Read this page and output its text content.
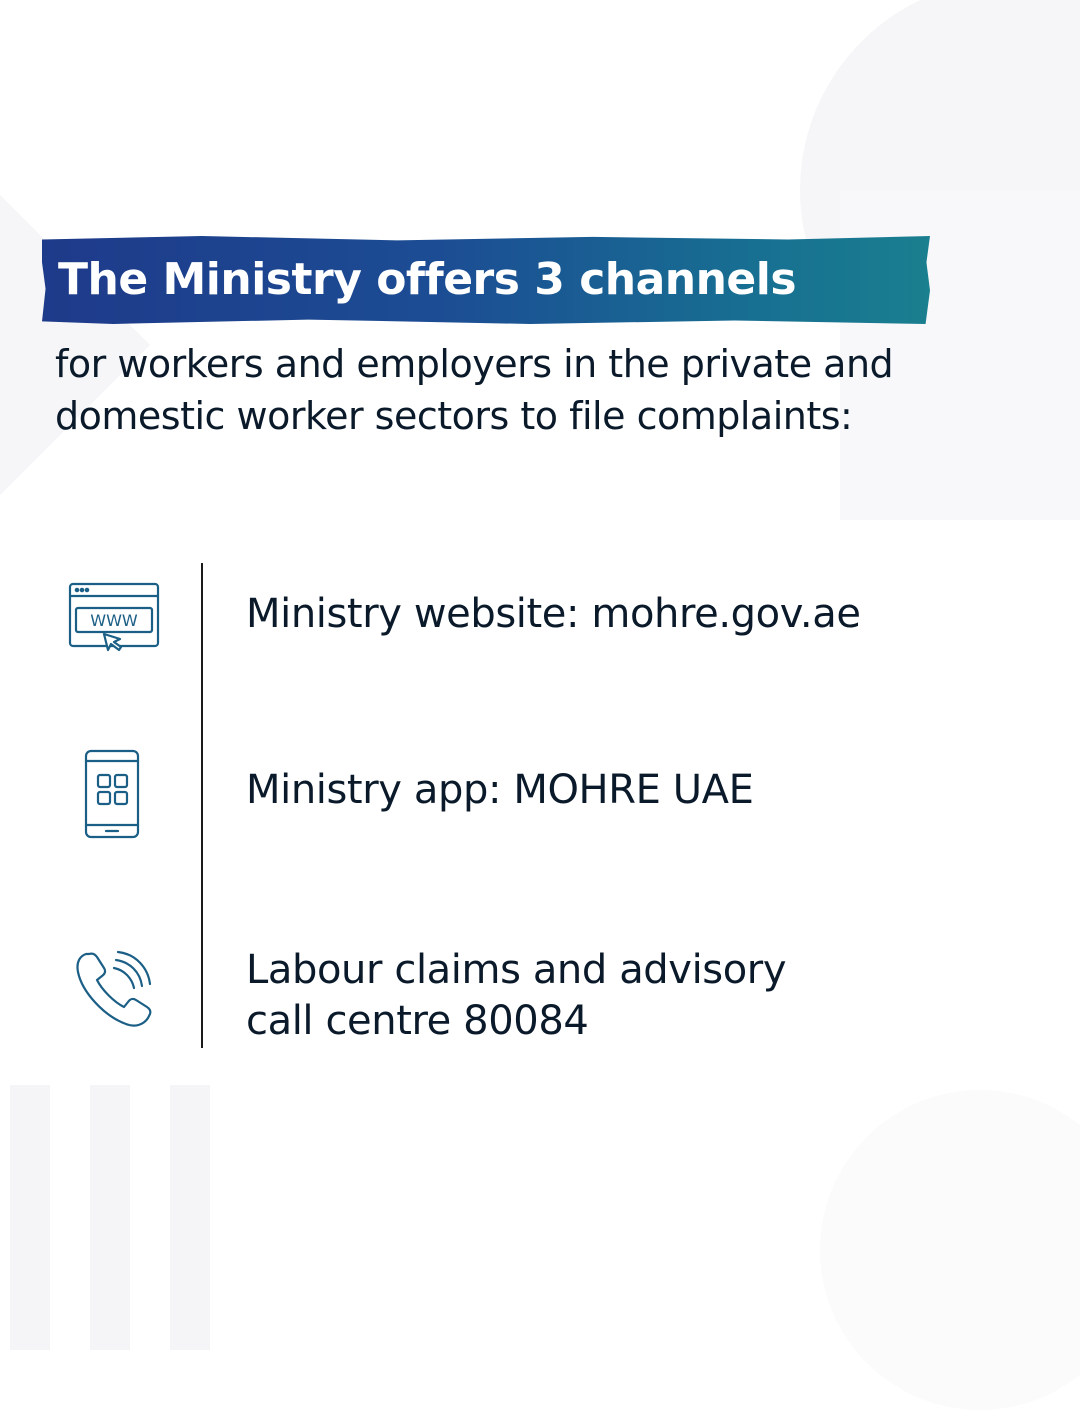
The Ministry offers 3 channels
for workers and employers in the private and domestic worker sectors to file complaints:
WWW	Ministry website: mohre.gov.ae
Ministry app: MOHRE UAE
Labour claims and advisory
call centre 80084
